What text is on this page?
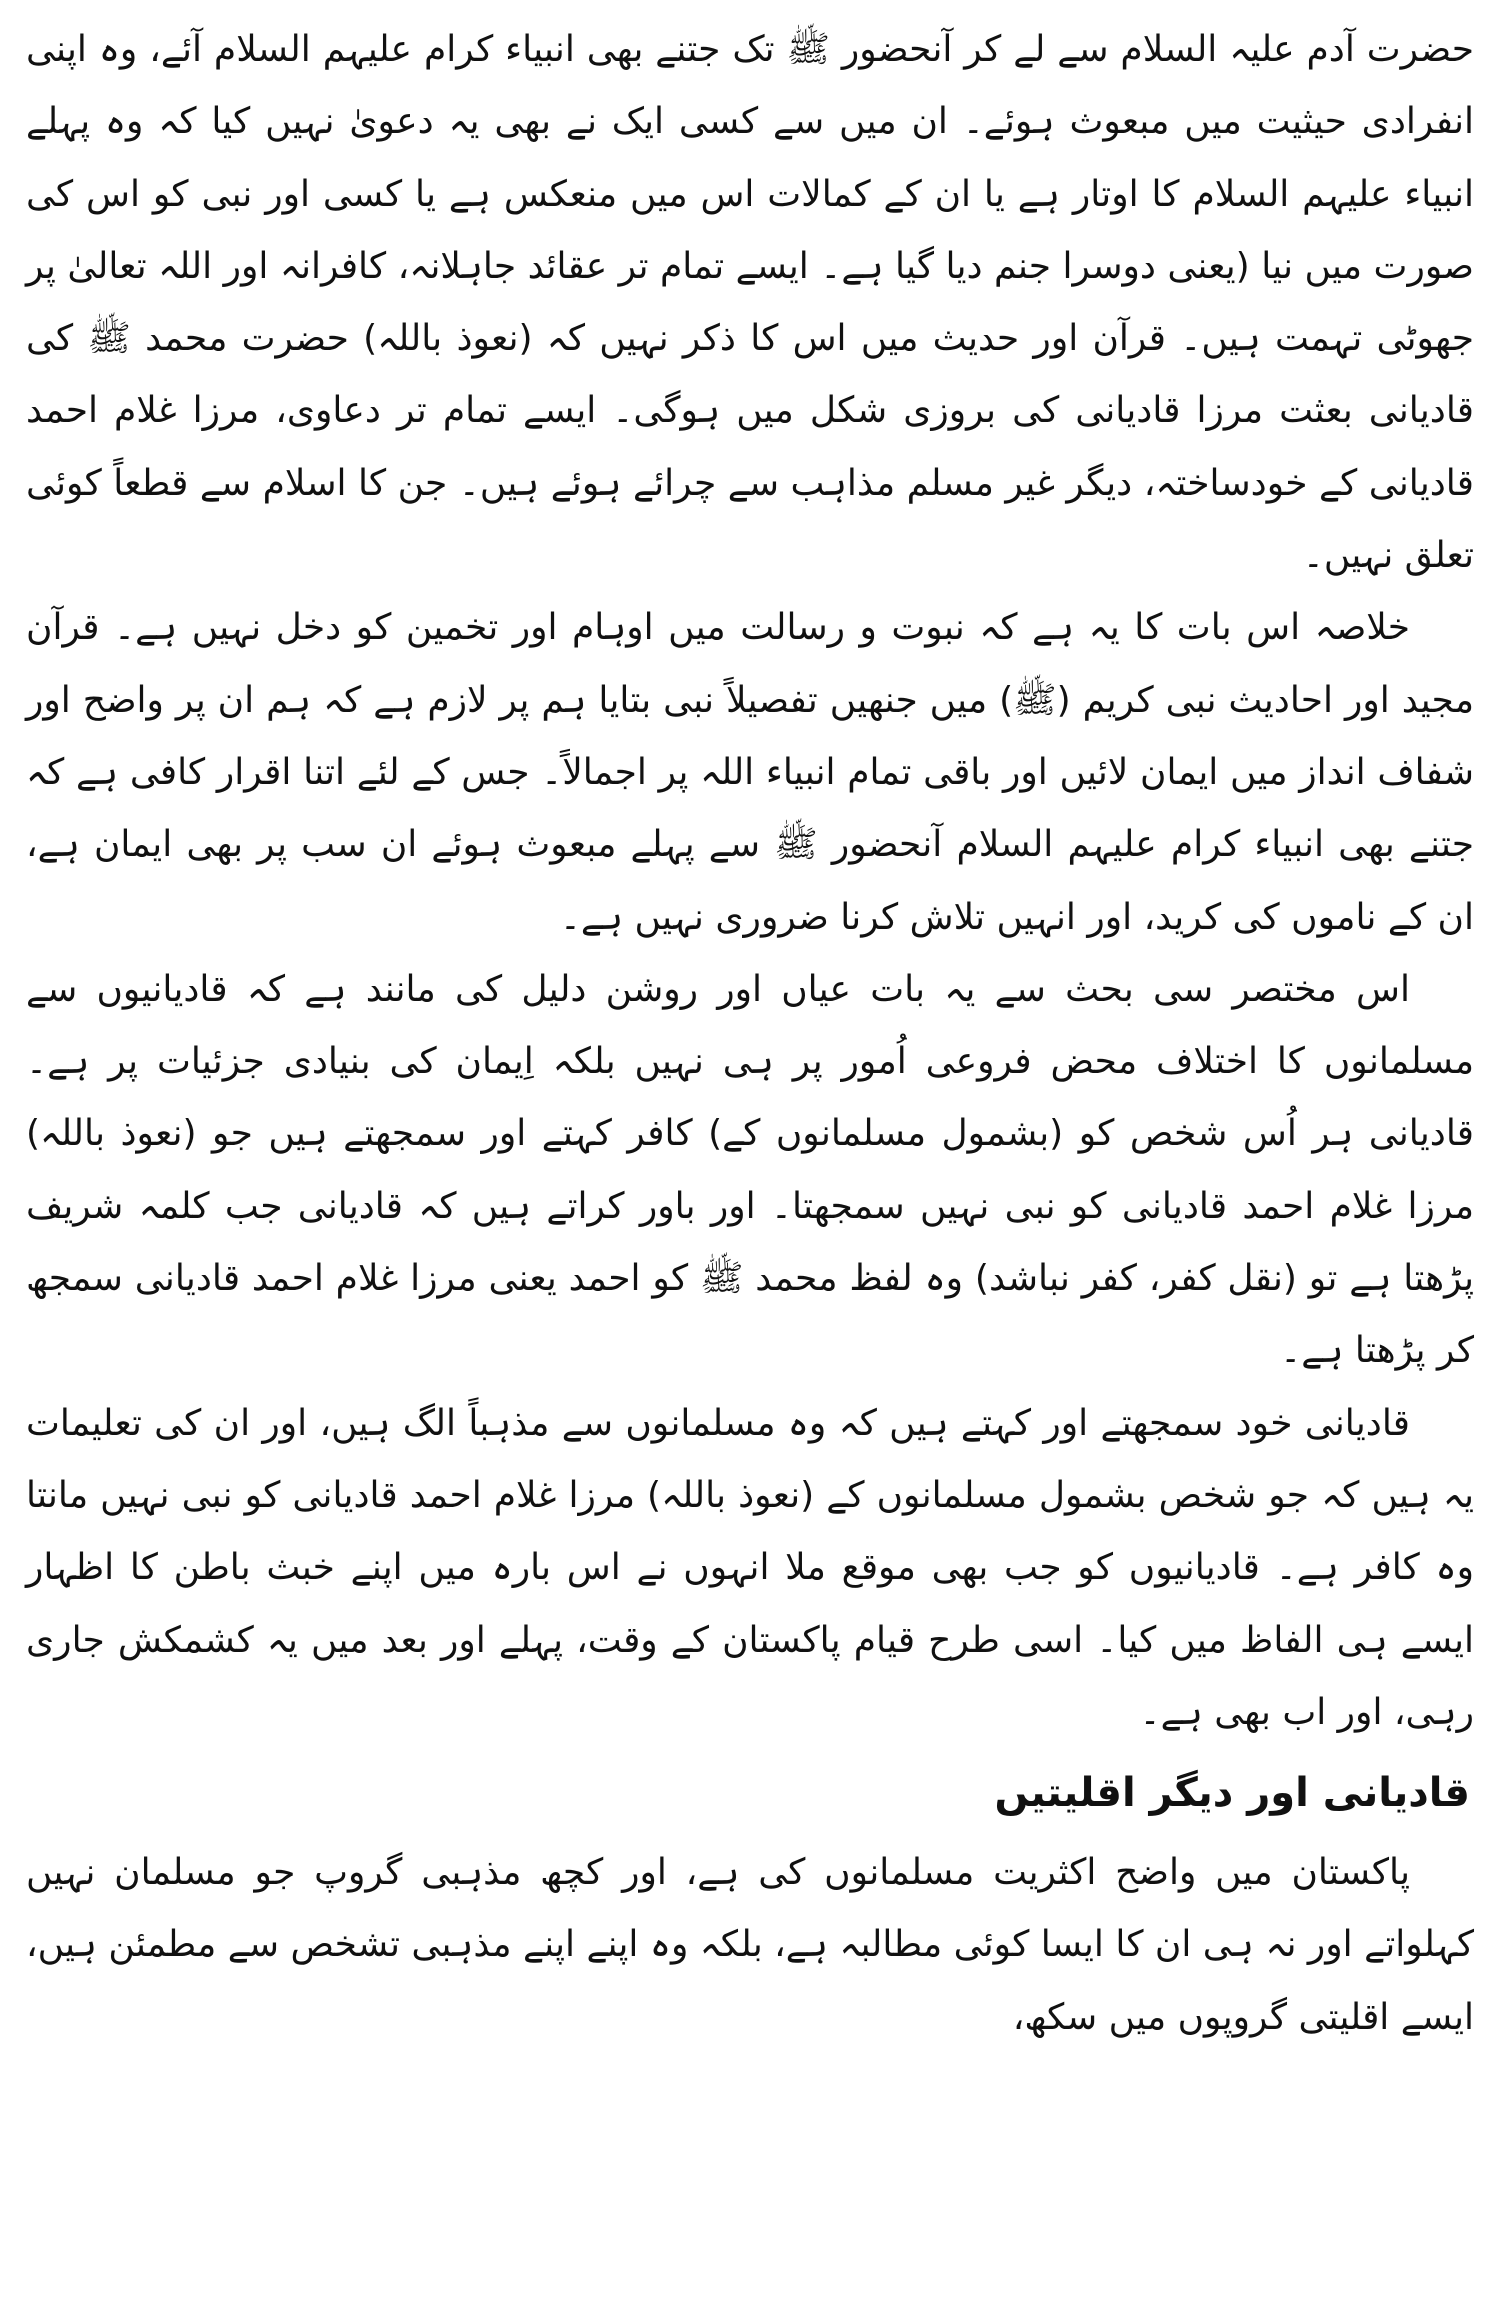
حضرت آدم علیہ السلام سے لے کر آنحضور ﷺ تک جتنے بھی انبیاء کرام علیہم السلام آئے، وہ اپنی انفرادی حیثیت میں مبعوث ہوئے۔ ان میں سے کسی ایک نے بھی یہ دعویٰ نہیں کیا کہ وہ پہلے انبیاء علیہم السلام کا اوتار ہے یا ان کے کمالات اس میں منعکس ہے یا کسی اور نبی کو اس کی صورت میں نیا (یعنی دوسرا جنم دیا گیا ہے۔ ایسے تمام تر عقائد جاہلانہ، کافرانہ اور اللہ تعالیٰ پر جھوٹی تہمت ہیں۔ قرآن اور حدیث میں اس کا ذکر نہیں کہ (نعوذ باللہ) حضرت محمد ﷺ کی قادیانی بعثت مرزا قادیانی کی بروزی شکل میں ہوگی۔ ایسے تمام تر دعاوی، مرزا غلام احمد قادیانی کے خودساختہ، دیگر غیر مسلم مذاہب سے چرائے ہوئے ہیں۔ جن کا اسلام سے قطعاً کوئی تعلق نہیں۔

خلاصہ اس بات کا یہ ہے کہ نبوت و رسالت میں اوہام اور تخمین کو دخل نہیں ہے۔ قرآن مجید اور احادیث نبی کریم (ﷺ) میں جنھیں تفصیلاً نبی بتایا ہم پر لازم ہے کہ ہم ان پر واضح اور شفاف انداز میں ایمان لائیں اور باقی تمام انبیاء اللہ پر اجمالاً۔ جس کے لئے اتنا اقرار کافی ہے کہ جتنے بھی انبیاء کرام علیہم السلام آنحضور ﷺ سے پہلے مبعوث ہوئے ان سب پر بھی ایمان ہے، ان کے ناموں کی کرید، اور انہیں تلاش کرنا ضروری نہیں ہے۔

اس مختصر سی بحث سے یہ بات عیاں اور روشن دلیل کی مانند ہے کہ قادیانیوں سے مسلمانوں کا اختلاف محض فروعی اُمور پر ہی نہیں بلکہ اِیمان کی بنیادی جزئیات پر ہے۔ قادیانی ہر اُس شخص کو (بشمول مسلمانوں کے) کافر کہتے اور سمجھتے ہیں جو (نعوذ باللہ) مرزا غلام احمد قادیانی کو نبی نہیں سمجھتا۔ اور باور کراتے ہیں کہ قادیانی جب کلمہ شریف پڑھتا ہے تو (نقل کفر، کفر نباشد) وہ لفظ محمد ﷺ کو احمد یعنی مرزا غلام احمد قادیانی سمجھ کر پڑھتا ہے۔

قادیانی خود سمجھتے اور کہتے ہیں کہ وہ مسلمانوں سے مذہباً الگ ہیں، اور ان کی تعلیمات یہ ہیں کہ جو شخص بشمول مسلمانوں کے (نعوذ باللہ) مرزا غلام احمد قادیانی کو نبی نہیں مانتا وہ کافر ہے۔ قادیانیوں کو جب بھی موقع ملا انہوں نے اس بارہ میں اپنے خبث باطن کا اظہار ایسے ہی الفاظ میں کیا۔ اسی طرح قیام پاکستان کے وقت، پہلے اور بعد میں یہ کشمکش جاری رہی، اور اب بھی ہے۔

قادیانی اور دیگر اقلیتیں

پاکستان میں واضح اکثریت مسلمانوں کی ہے، اور کچھ مذہبی گروپ جو مسلمان نہیں کہلواتے اور نہ ہی ان کا ایسا کوئی مطالبہ ہے، بلکہ وہ اپنے اپنے مذہبی تشخص سے مطمئن ہیں، ایسے اقلیتی گروپوں میں سکھ،
